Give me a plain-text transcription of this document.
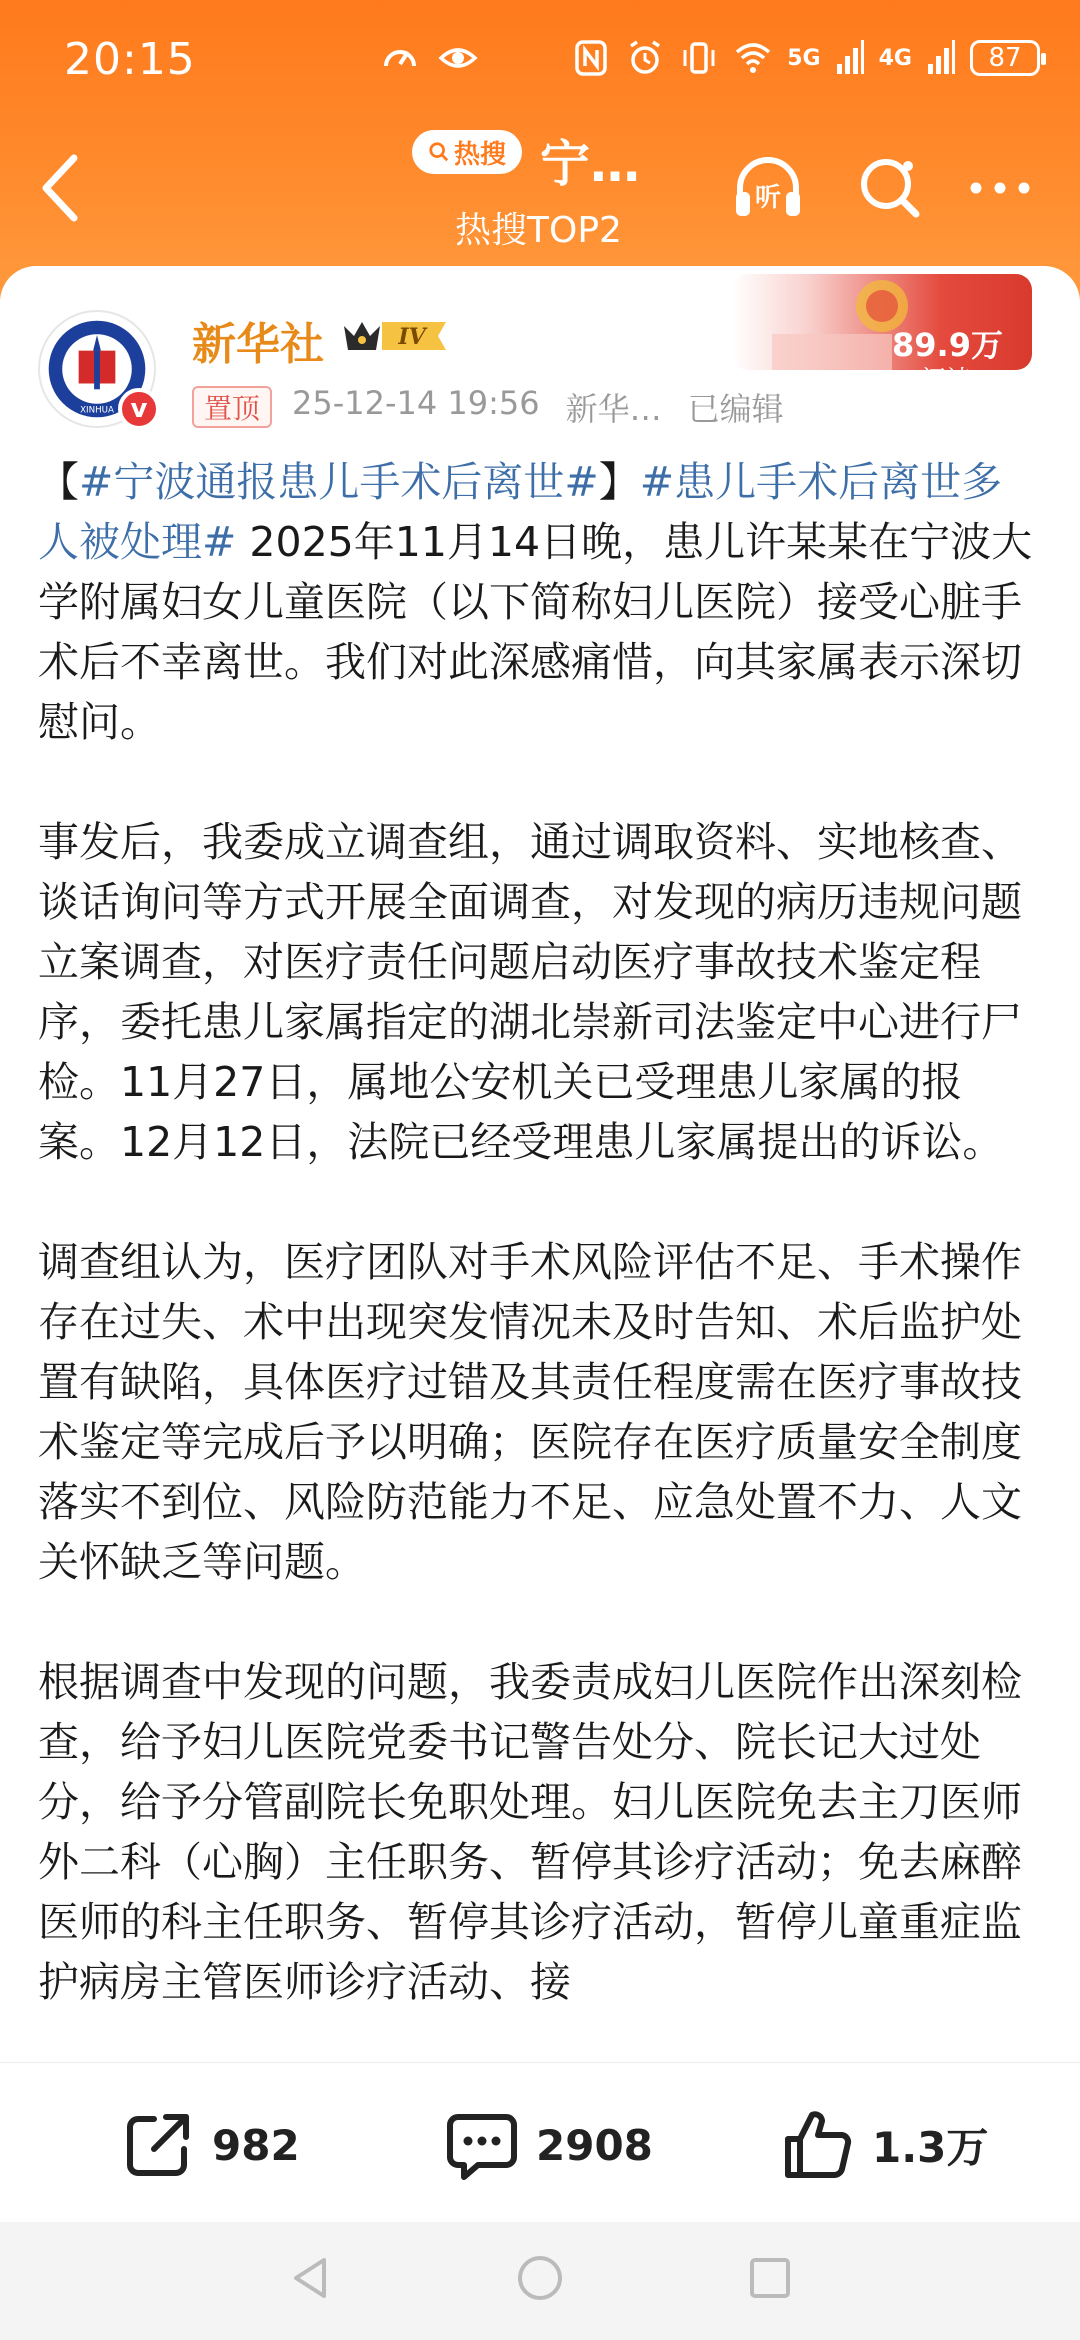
20:15	5G	4G	87
热搜 宁…
热搜TOP2
听
XINHUA v
新华社	IV	89.9万
阅读
置顶 25-12-14 19:56 新华… 已编辑

【#宁波通报患儿手术后离世#】#患儿手术后离世多人被处理# 2025年11月14日晚，患儿许某某在宁波大学附属妇女儿童医院（以下简称妇儿医院）接受心脏手术后不幸离世。我们对此深感痛惜，向其家属表示深切慰问。

事发后，我委成立调查组，通过调取资料、实地核查、谈话询问等方式开展全面调查，对发现的病历违规问题立案调查，对医疗责任问题启动医疗事故技术鉴定程序，委托患儿家属指定的湖北崇新司法鉴定中心进行尸检。11月27日，属地公安机关已受理患儿家属的报案。12月12日，法院已经受理患儿家属提出的诉讼。

调查组认为，医疗团队对手术风险评估不足、手术操作存在过失、术中出现突发情况未及时告知、术后监护处置有缺陷，具体医疗过错及其责任程度需在医疗事故技术鉴定等完成后予以明确；医院存在医疗质量安全制度落实不到位、风险防范能力不足、应急处置不力、人文关怀缺乏等问题。

根据调查中发现的问题，我委责成妇儿医院作出深刻检查，给予妇儿医院党委书记警告处分、院长记大过处分，给予分管副院长免职处理。妇儿医院免去主刀医师外二科（心胸）主任职务、暂停其诊疗活动；免去麻醉医师的科主任职务、暂停其诊疗活动，暂停儿童重症监护病房主管医师诊疗活动、接

982	2908	1.3万
